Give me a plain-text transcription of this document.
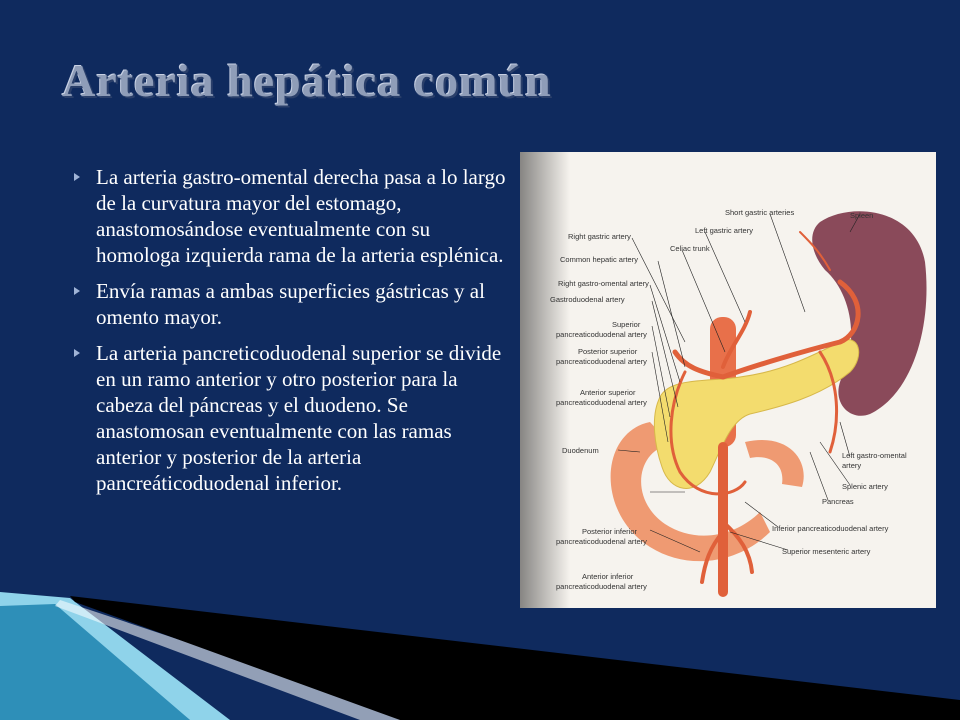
Arteria hepática común
La arteria gastro-omental derecha pasa a lo largo de la curvatura mayor del estomago, anastomosándose eventualmente con su homologa izquierda rama de la arteria esplénica.
Envía ramas a ambas superficies gástricas y al omento mayor.
La arteria pancreticoduodenal superior se divide en un ramo anterior y otro posterior para la cabeza del páncreas y el duodeno. Se anastomosan eventualmente con las ramas anterior y posterior de la arteria pancreáticoduodenal inferior.
